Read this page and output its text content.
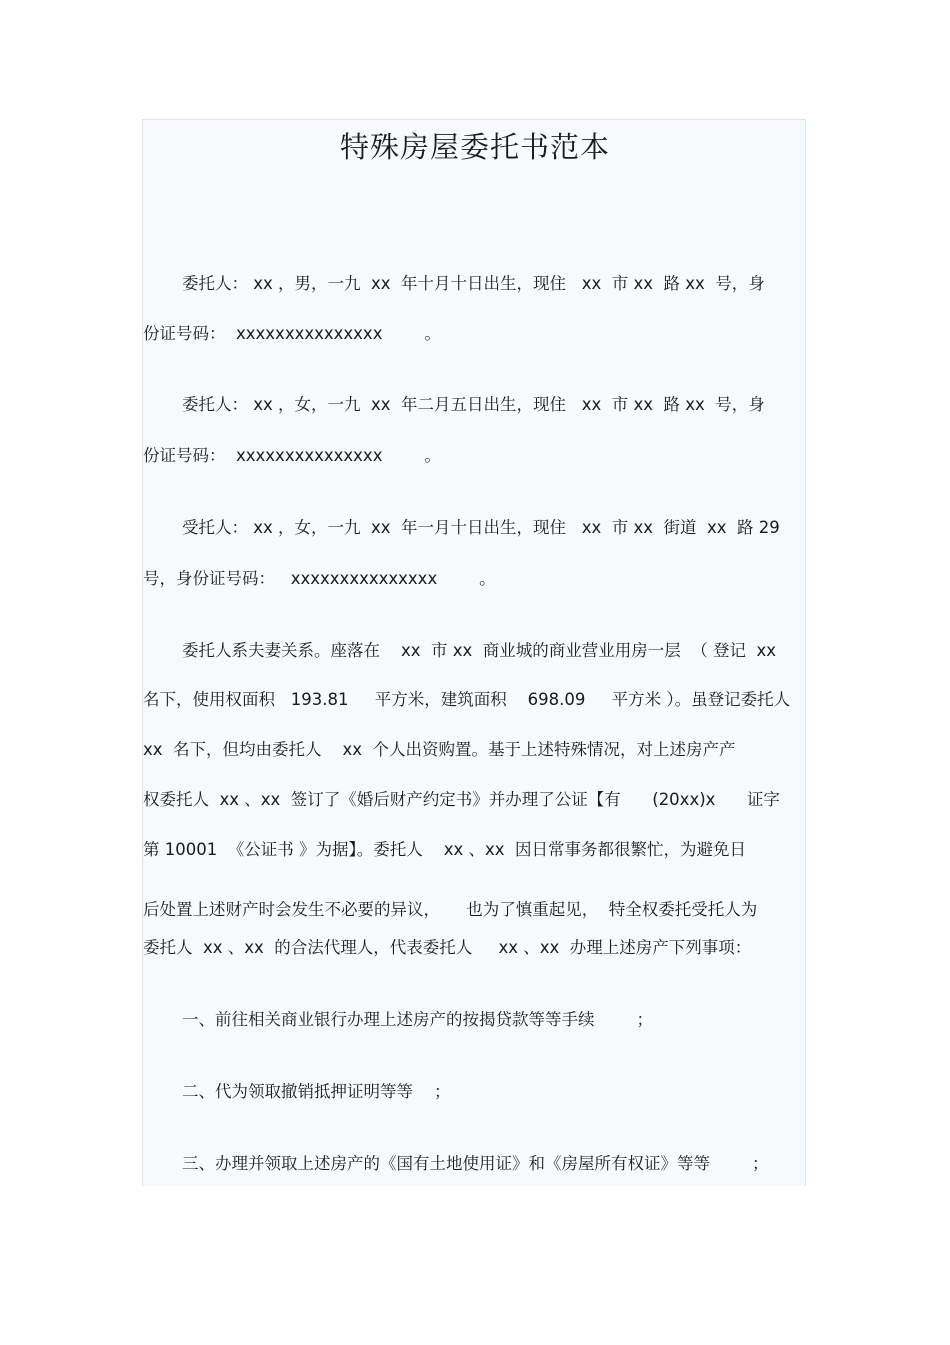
特殊房屋委托书范本
委托人： xx ，男，一九  xx  年十月十日出生，现住   xx  市 xx  路 xx  号，身
份证号码：  xxxxxxxxxxxxxxx        。
委托人： xx ，女，一九  xx  年二月五日出生，现住   xx  市 xx  路 xx  号，身
份证号码：  xxxxxxxxxxxxxxx        。
受托人： xx ，女，一九  xx  年一月十日出生，现住   xx  市 xx  街道  xx  路 29
号，身份证号码：   xxxxxxxxxxxxxxx        。
委托人系夫妻关系。座落在    xx  市 xx  商业城的商业营业用房一层  （ 登记  xx
名下，使用权面积   193.81     平方米，建筑面积    698.09     平方米 ）。虽登记委托人
xx  名下，但均由委托人    xx  个人出资购置。基于上述特殊情况，对上述房产产
权委托人  xx 、xx  签订了《婚后财产约定书》并办理了公证【有      (20xx)x      证字
第 10001  《公证书 》为据】。委托人    xx 、xx  因日常事务都很繁忙，为避免日
后处置上述财产时会发生不必要的异议，     也为了慎重起见，  特全权委托受托人为
委托人  xx 、xx  的合法代理人，代表委托人     xx 、xx  办理上述房产下列事项：
一、前往相关商业银行办理上述房产的按揭贷款等等手续        ；
二、代为领取撤销抵押证明等等    ；
三、办理并领取上述房产的《国有土地使用证》和《房屋所有权证》等等        ；
